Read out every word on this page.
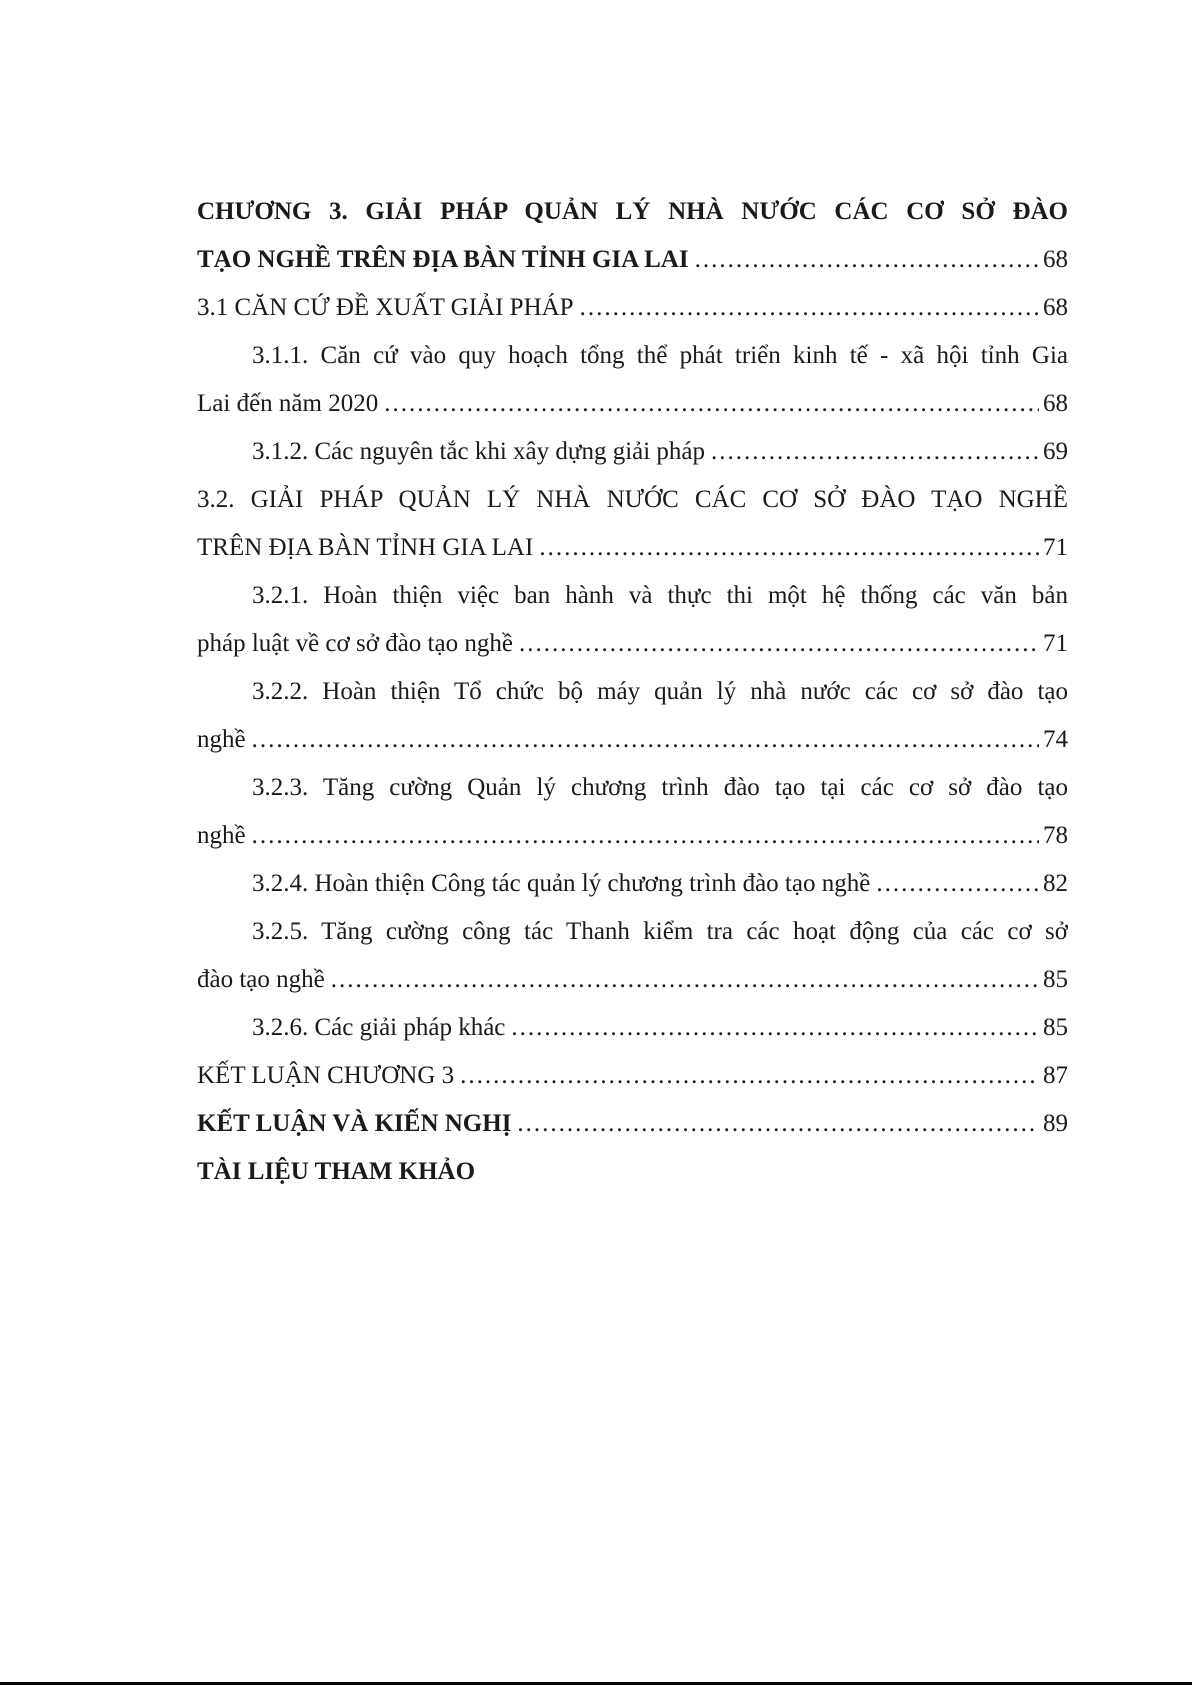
CHƯƠNG 3. GIẢI PHÁP QUẢN LÝ NHÀ NƯỚC CÁC CƠ SỞ ĐÀO
TẠO NGHỀ TRÊN ĐỊA BÀN TỈNH GIA LAI .....	68
3.1 CĂN CỨ ĐỀ XUẤT GIẢI PHÁP .....	68
3.1.1. Căn cứ vào quy hoạch tổng thể phát triển kinh tế - xã hội tỉnh Gia
Lai đến năm 2020 .....	68
3.1.2. Các nguyên tắc khi xây dựng giải pháp .....	69
3.2. GIẢI PHÁP QUẢN LÝ NHÀ NƯỚC CÁC CƠ SỞ ĐÀO TẠO NGHỀ
TRÊN ĐỊA BÀN TỈNH GIA LAI .....	71
3.2.1. Hoàn thiện việc ban hành và thực thi một hệ thống các văn bản
pháp luật về cơ sở đào tạo nghề .....	71
3.2.2. Hoàn thiện Tổ chức bộ máy quản lý nhà nước các cơ sở đào tạo
nghề .....	74
3.2.3. Tăng cường Quản lý chương trình đào tạo tại các cơ sở đào tạo
nghề .....	78
3.2.4. Hoàn thiện Công tác quản lý chương trình đào tạo nghề .....	82
3.2.5. Tăng cường công tác Thanh kiểm tra các hoạt động của các cơ sở
đào tạo nghề .....	85
3.2.6. Các giải pháp khác .....	85
KẾT LUẬN CHƯƠNG 3 .....	87
KẾT LUẬN VÀ KIẾN NGHỊ .....	89
TÀI LIỆU THAM KHẢO
